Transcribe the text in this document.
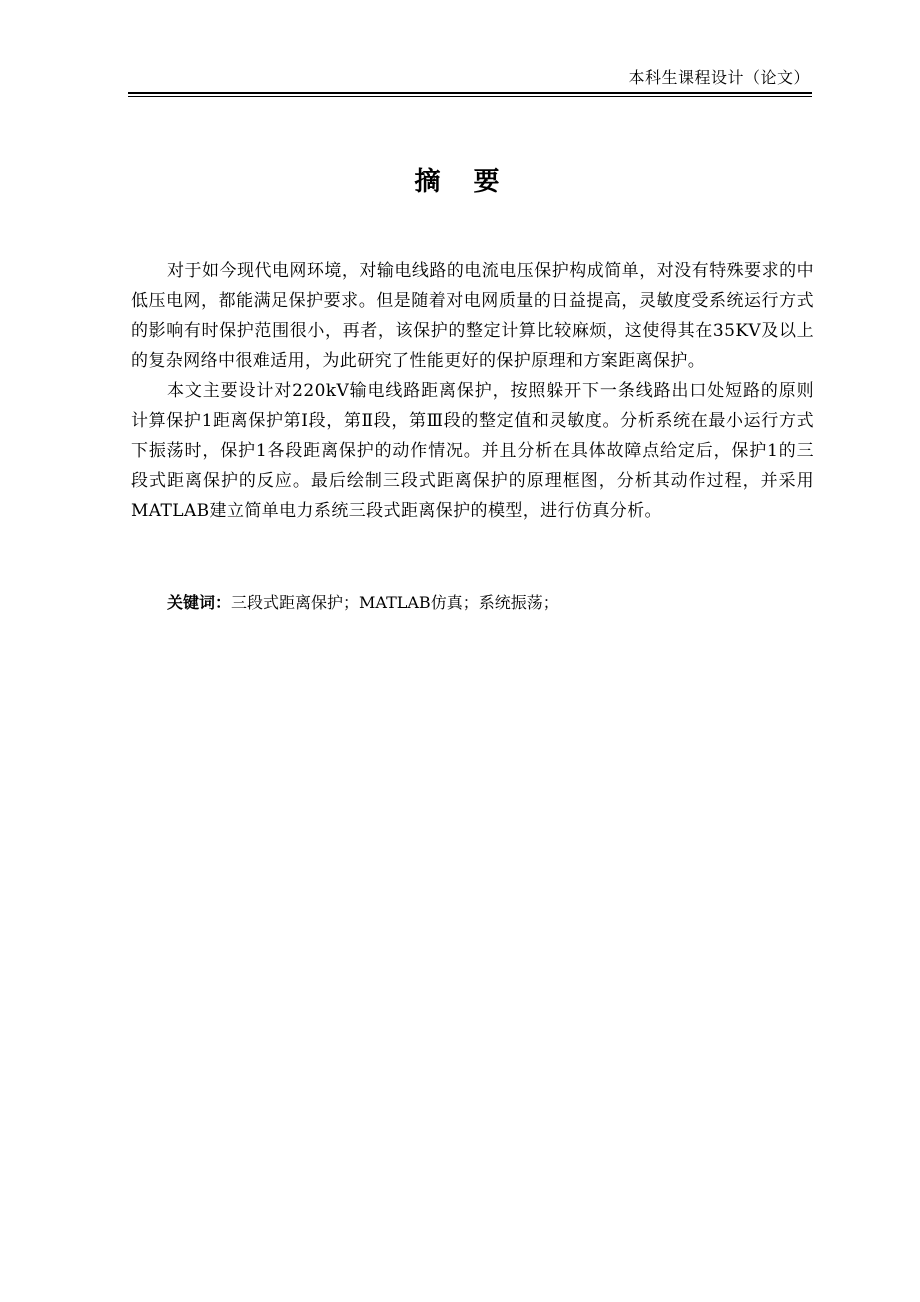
本科生课程设计（论文）
摘 要

对于如今现代电网环境，对输电线路的电流电压保护构成简单，对没有特殊要求的中低压电网，都能满足保护要求。但是随着对电网质量的日益提高，灵敏度受系统运行方式的影响有时保护范围很小，再者，该保护的整定计算比较麻烦，这使得其在35KV及以上的复杂网络中很难适用，为此研究了性能更好的保护原理和方案距离保护。

本文主要设计对220kV输电线路距离保护，按照躲开下一条线路出口处短路的原则计算保护1距离保护第Ⅰ段，第Ⅱ段，第Ⅲ段的整定值和灵敏度。分析系统在最小运行方式下振荡时，保护1各段距离保护的动作情况。并且分析在具体故障点给定后，保护1的三段式距离保护的反应。最后绘制三段式距离保护的原理框图，分析其动作过程，并采用MATLAB建立简单电力系统三段式距离保护的模型，进行仿真分析。

关键词：三段式距离保护；MATLAB仿真；系统振荡；
